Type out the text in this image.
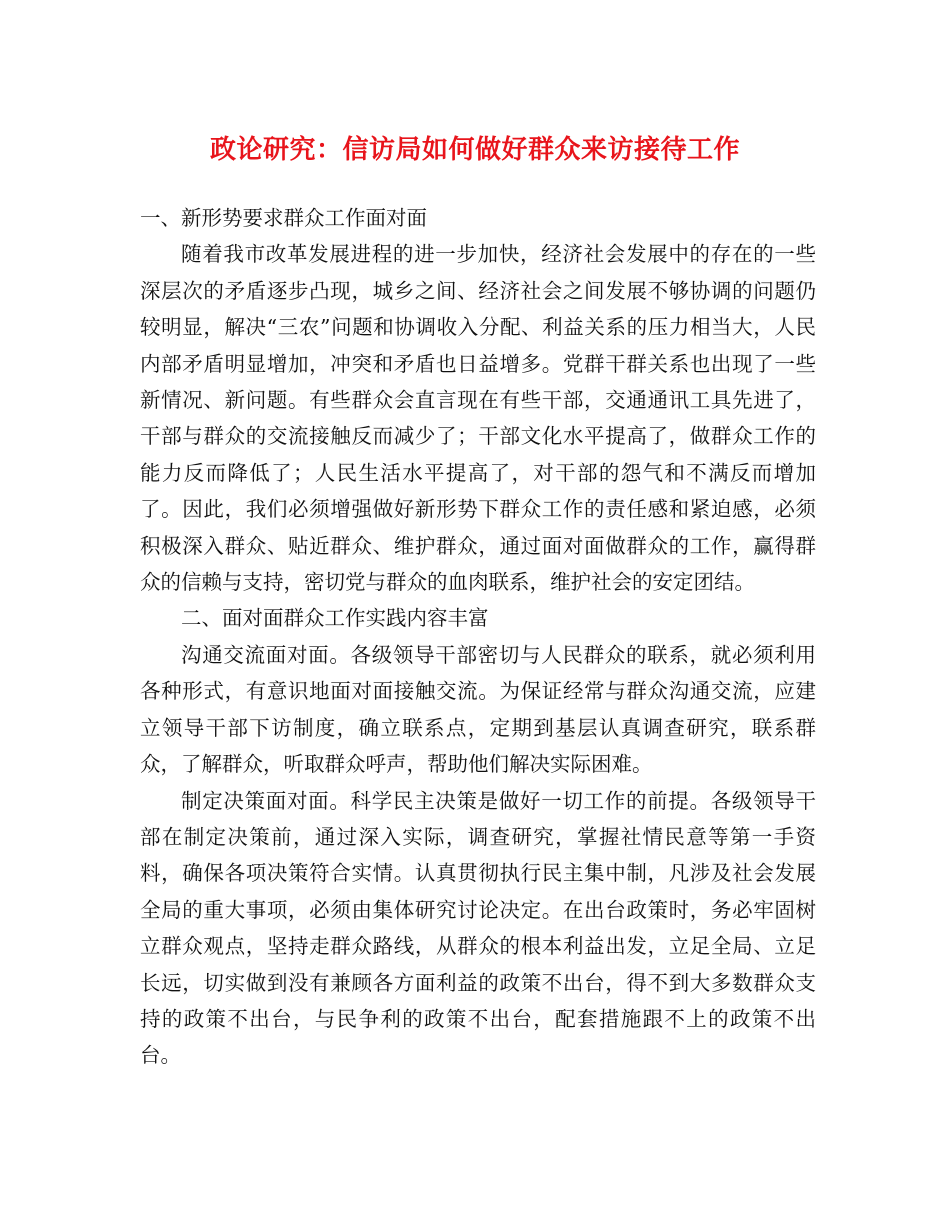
政论研究：信访局如何做好群众来访接待工作

一、新形势要求群众工作面对面

随着我市改革发展进程的进一步加快，经济社会发展中的存在的一些深层次的矛盾逐步凸现，城乡之间、经济社会之间发展不够协调的问题仍较明显，解决“三农”问题和协调收入分配、利益关系的压力相当大，人民内部矛盾明显增加，冲突和矛盾也日益增多。党群干群关系也出现了一些新情况、新问题。有些群众会直言现在有些干部，交通通讯工具先进了，干部与群众的交流接触反而减少了；干部文化水平提高了，做群众工作的能力反而降低了；人民生活水平提高了，对干部的怨气和不满反而增加了。因此，我们必须增强做好新形势下群众工作的责任感和紧迫感，必须积极深入群众、贴近群众、维护群众，通过面对面做群众的工作，赢得群众的信赖与支持，密切党与群众的血肉联系，维护社会的安定团结。

二、面对面群众工作实践内容丰富

沟通交流面对面。各级领导干部密切与人民群众的联系，就必须利用各种形式，有意识地面对面接触交流。为保证经常与群众沟通交流，应建立领导干部下访制度，确立联系点，定期到基层认真调查研究，联系群众，了解群众，听取群众呼声，帮助他们解决实际困难。

制定决策面对面。科学民主决策是做好一切工作的前提。各级领导干部在制定决策前，通过深入实际，调查研究，掌握社情民意等第一手资料，确保各项决策符合实情。认真贯彻执行民主集中制，凡涉及社会发展全局的重大事项，必须由集体研究讨论决定。在出台政策时，务必牢固树立群众观点，坚持走群众路线，从群众的根本利益出发，立足全局、立足长远，切实做到没有兼顾各方面利益的政策不出台，得不到大多数群众支持的政策不出台，与民争利的政策不出台，配套措施跟不上的政策不出台。
